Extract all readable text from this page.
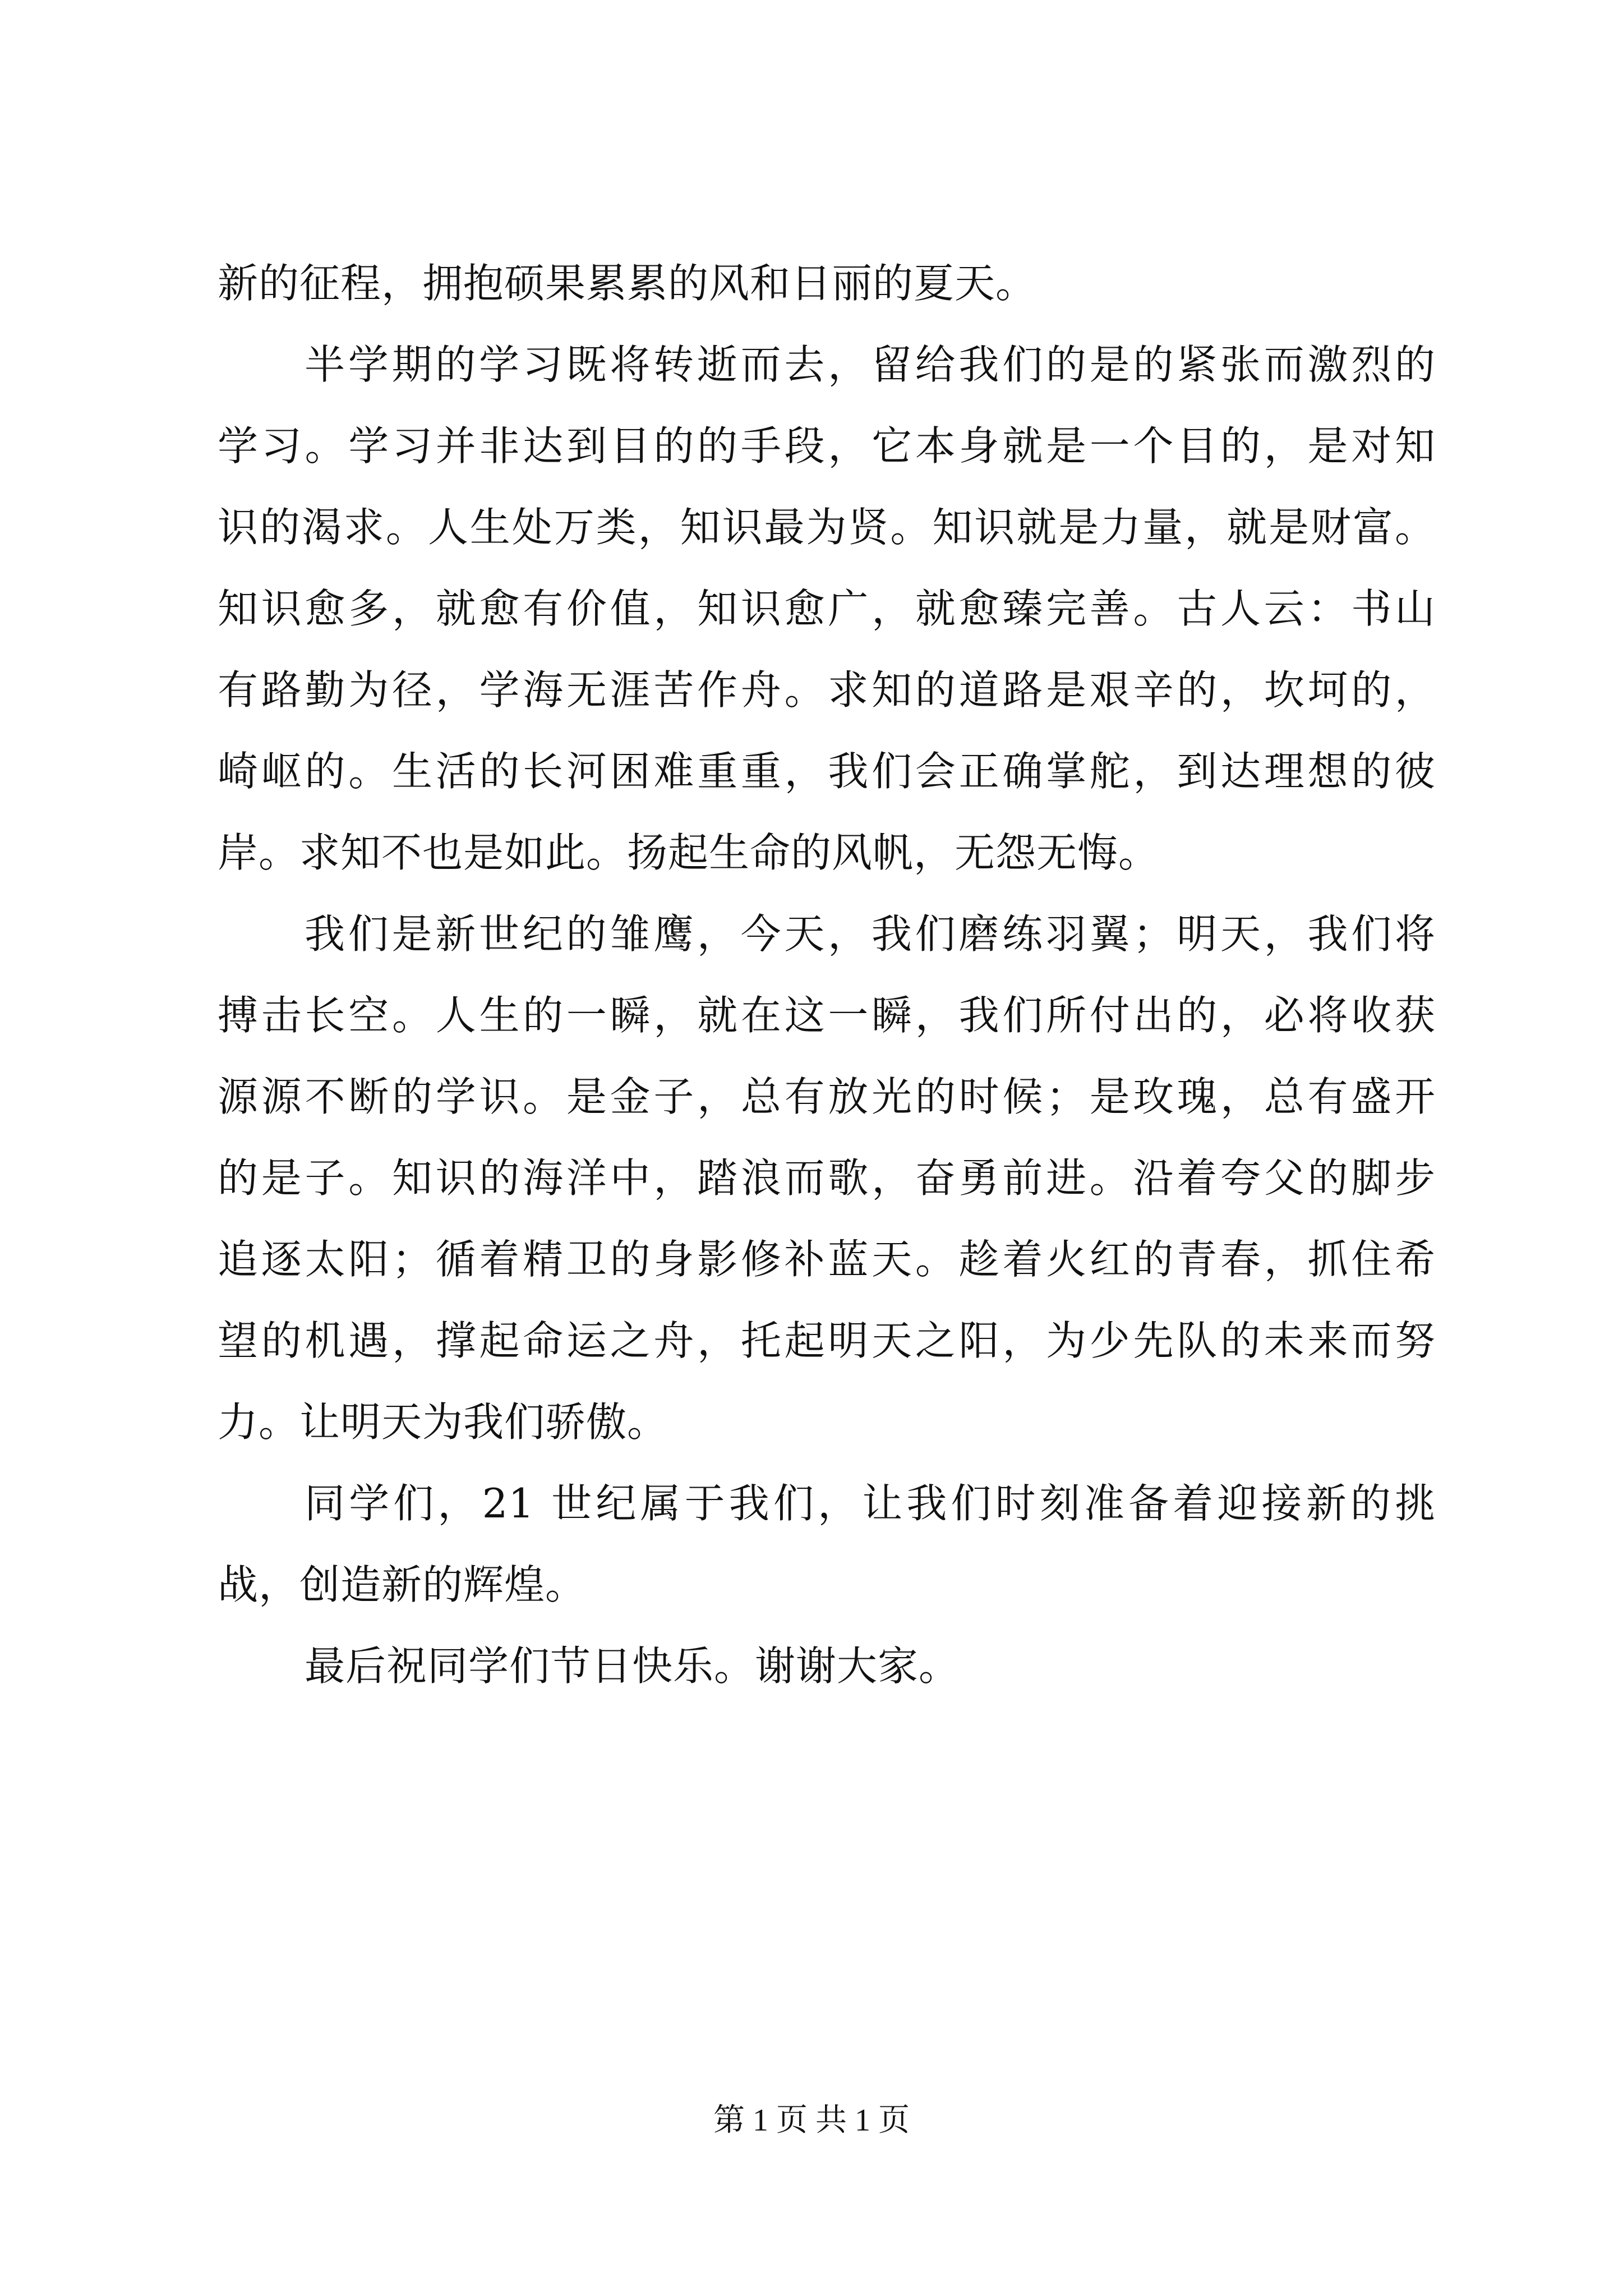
新的征程，拥抱硕果累累的风和日丽的夏天。
半学期的学习既将转逝而去，留给我们的是的紧张而激烈的
学习。学习并非达到目的的手段，它本身就是一个目的，是对知
识的渴求。人生处万类，知识最为贤。知识就是力量，就是财富。
知识愈多，就愈有价值，知识愈广，就愈臻完善。古人云：书山
有路勤为径，学海无涯苦作舟。求知的道路是艰辛的，坎坷的，
崎岖的。生活的长河困难重重，我们会正确掌舵，到达理想的彼
岸。求知不也是如此。扬起生命的风帆，无怨无悔。
我们是新世纪的雏鹰，今天，我们磨练羽翼；明天，我们将
搏击长空。人生的一瞬，就在这一瞬，我们所付出的，必将收获
源源不断的学识。是金子，总有放光的时候；是玫瑰，总有盛开
的是子。知识的海洋中，踏浪而歌，奋勇前进。沿着夸父的脚步
追逐太阳；循着精卫的身影修补蓝天。趁着火红的青春，抓住希
望的机遇，撑起命运之舟，托起明天之阳，为少先队的未来而努
力。让明天为我们骄傲。
同学们，21 世纪属于我们，让我们时刻准备着迎接新的挑
战，创造新的辉煌。
最后祝同学们节日快乐。谢谢大家。
第 1 页 共 1 页
